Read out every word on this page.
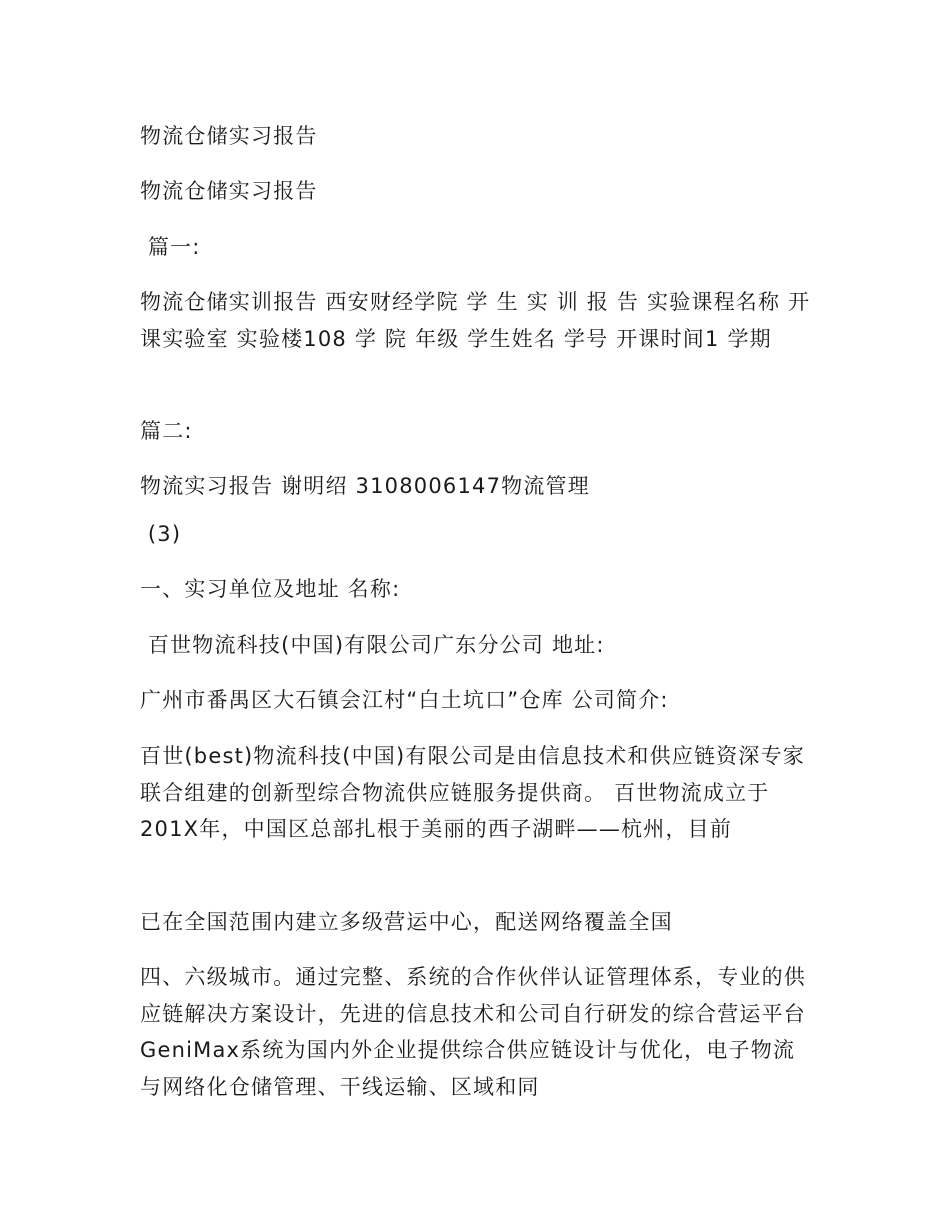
物流仓储实习报告

物流仓储实习报告

篇一:

物流仓储实训报告 西安财经学院 学 生 实 训 报 告 实验课程名称 开课实验室 实验楼108 学 院 年级 学生姓名 学号 开课时间1 学期

篇二:

物流实习报告 谢明绍 3108006147物流管理

(3)

一、实习单位及地址 名称:

百世物流科技(中国)有限公司广东分公司 地址:

广州市番禺区大石镇会江村“白土坑口”仓库 公司简介:

百世(best)物流科技(中国)有限公司是由信息技术和供应链资深专家联合组建的创新型综合物流供应链服务提供商。 百世物流成立于201X年，中国区总部扎根于美丽的西子湖畔——杭州，目前

已在全国范围内建立多级营运中心，配送网络覆盖全国

四、六级城市。通过完整、系统的合作伙伴认证管理体系，专业的供应链解决方案设计，先进的信息技术和公司自行研发的综合营运平台GeniMax系统为国内外企业提供综合供应链设计与优化，电子物流与网络化仓储管理、干线运输、区域和同
